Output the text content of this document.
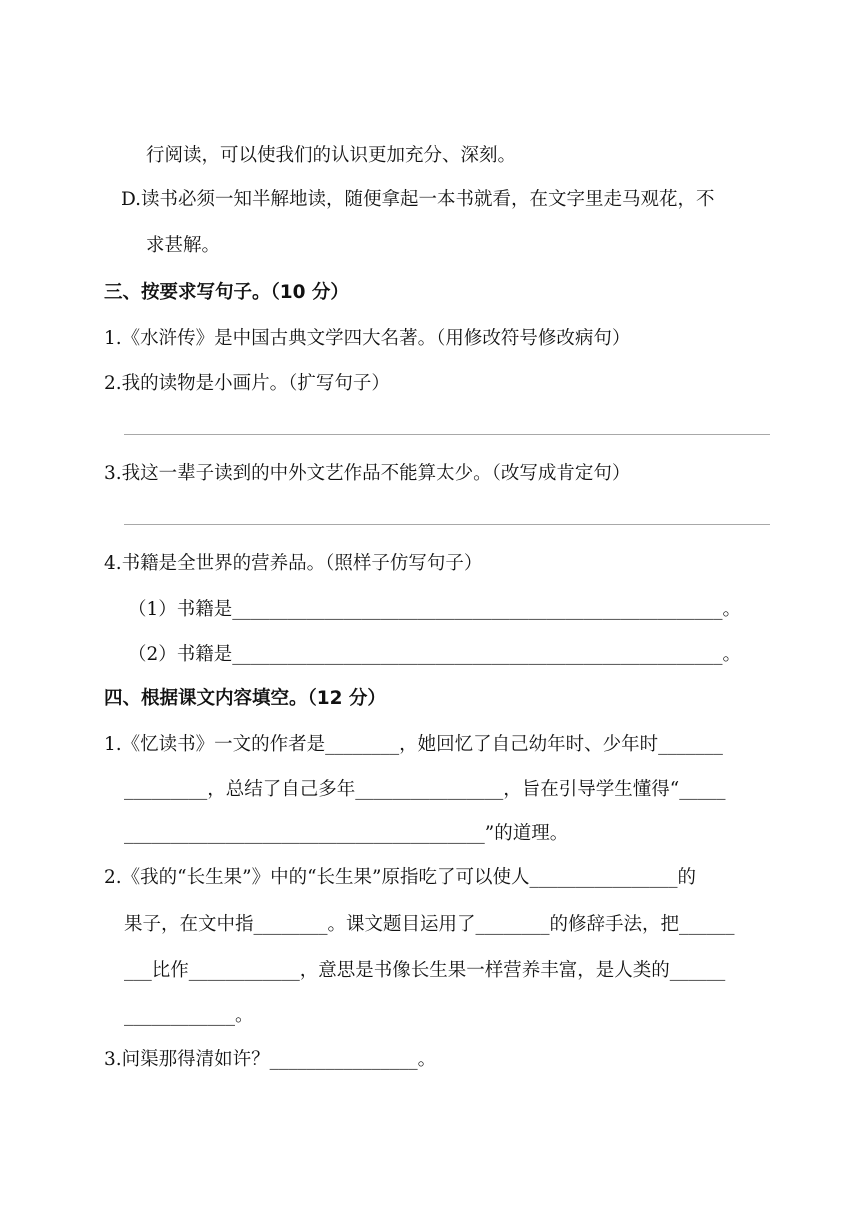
行阅读，可以使我们的认识更加充分、深刻。
D.读书必须一知半解地读，随便拿起一本书就看，在文字里走马观花，不
求甚解。
三、按要求写句子。（10 分）
1.《水浒传》是中国古典文学四大名著。（用修改符号修改病句）
2.我的读物是小画片。（扩写句子）
3.我这一辈子读到的中外文艺作品不能算太少。（改写成肯定句）
4.书籍是全世界的营养品。（照样子仿写句子）
（1）书籍是_____________________________________________________。
（2）书籍是_____________________________________________________。
四、根据课文内容填空。（12 分）
1.《忆读书》一文的作者是________，她回忆了自己幼年时、少年时_______
_________，总结了自己多年________________，旨在引导学生懂得“_____
_______________________________________”的道理。
2.《我的“长生果”》中的“长生果”原指吃了可以使人________________的
果子，在文中指________。课文题目运用了________的修辞手法，把______
___比作____________，意思是书像长生果一样营养丰富，是人类的______
____________。
3.问渠那得清如许？________________。
